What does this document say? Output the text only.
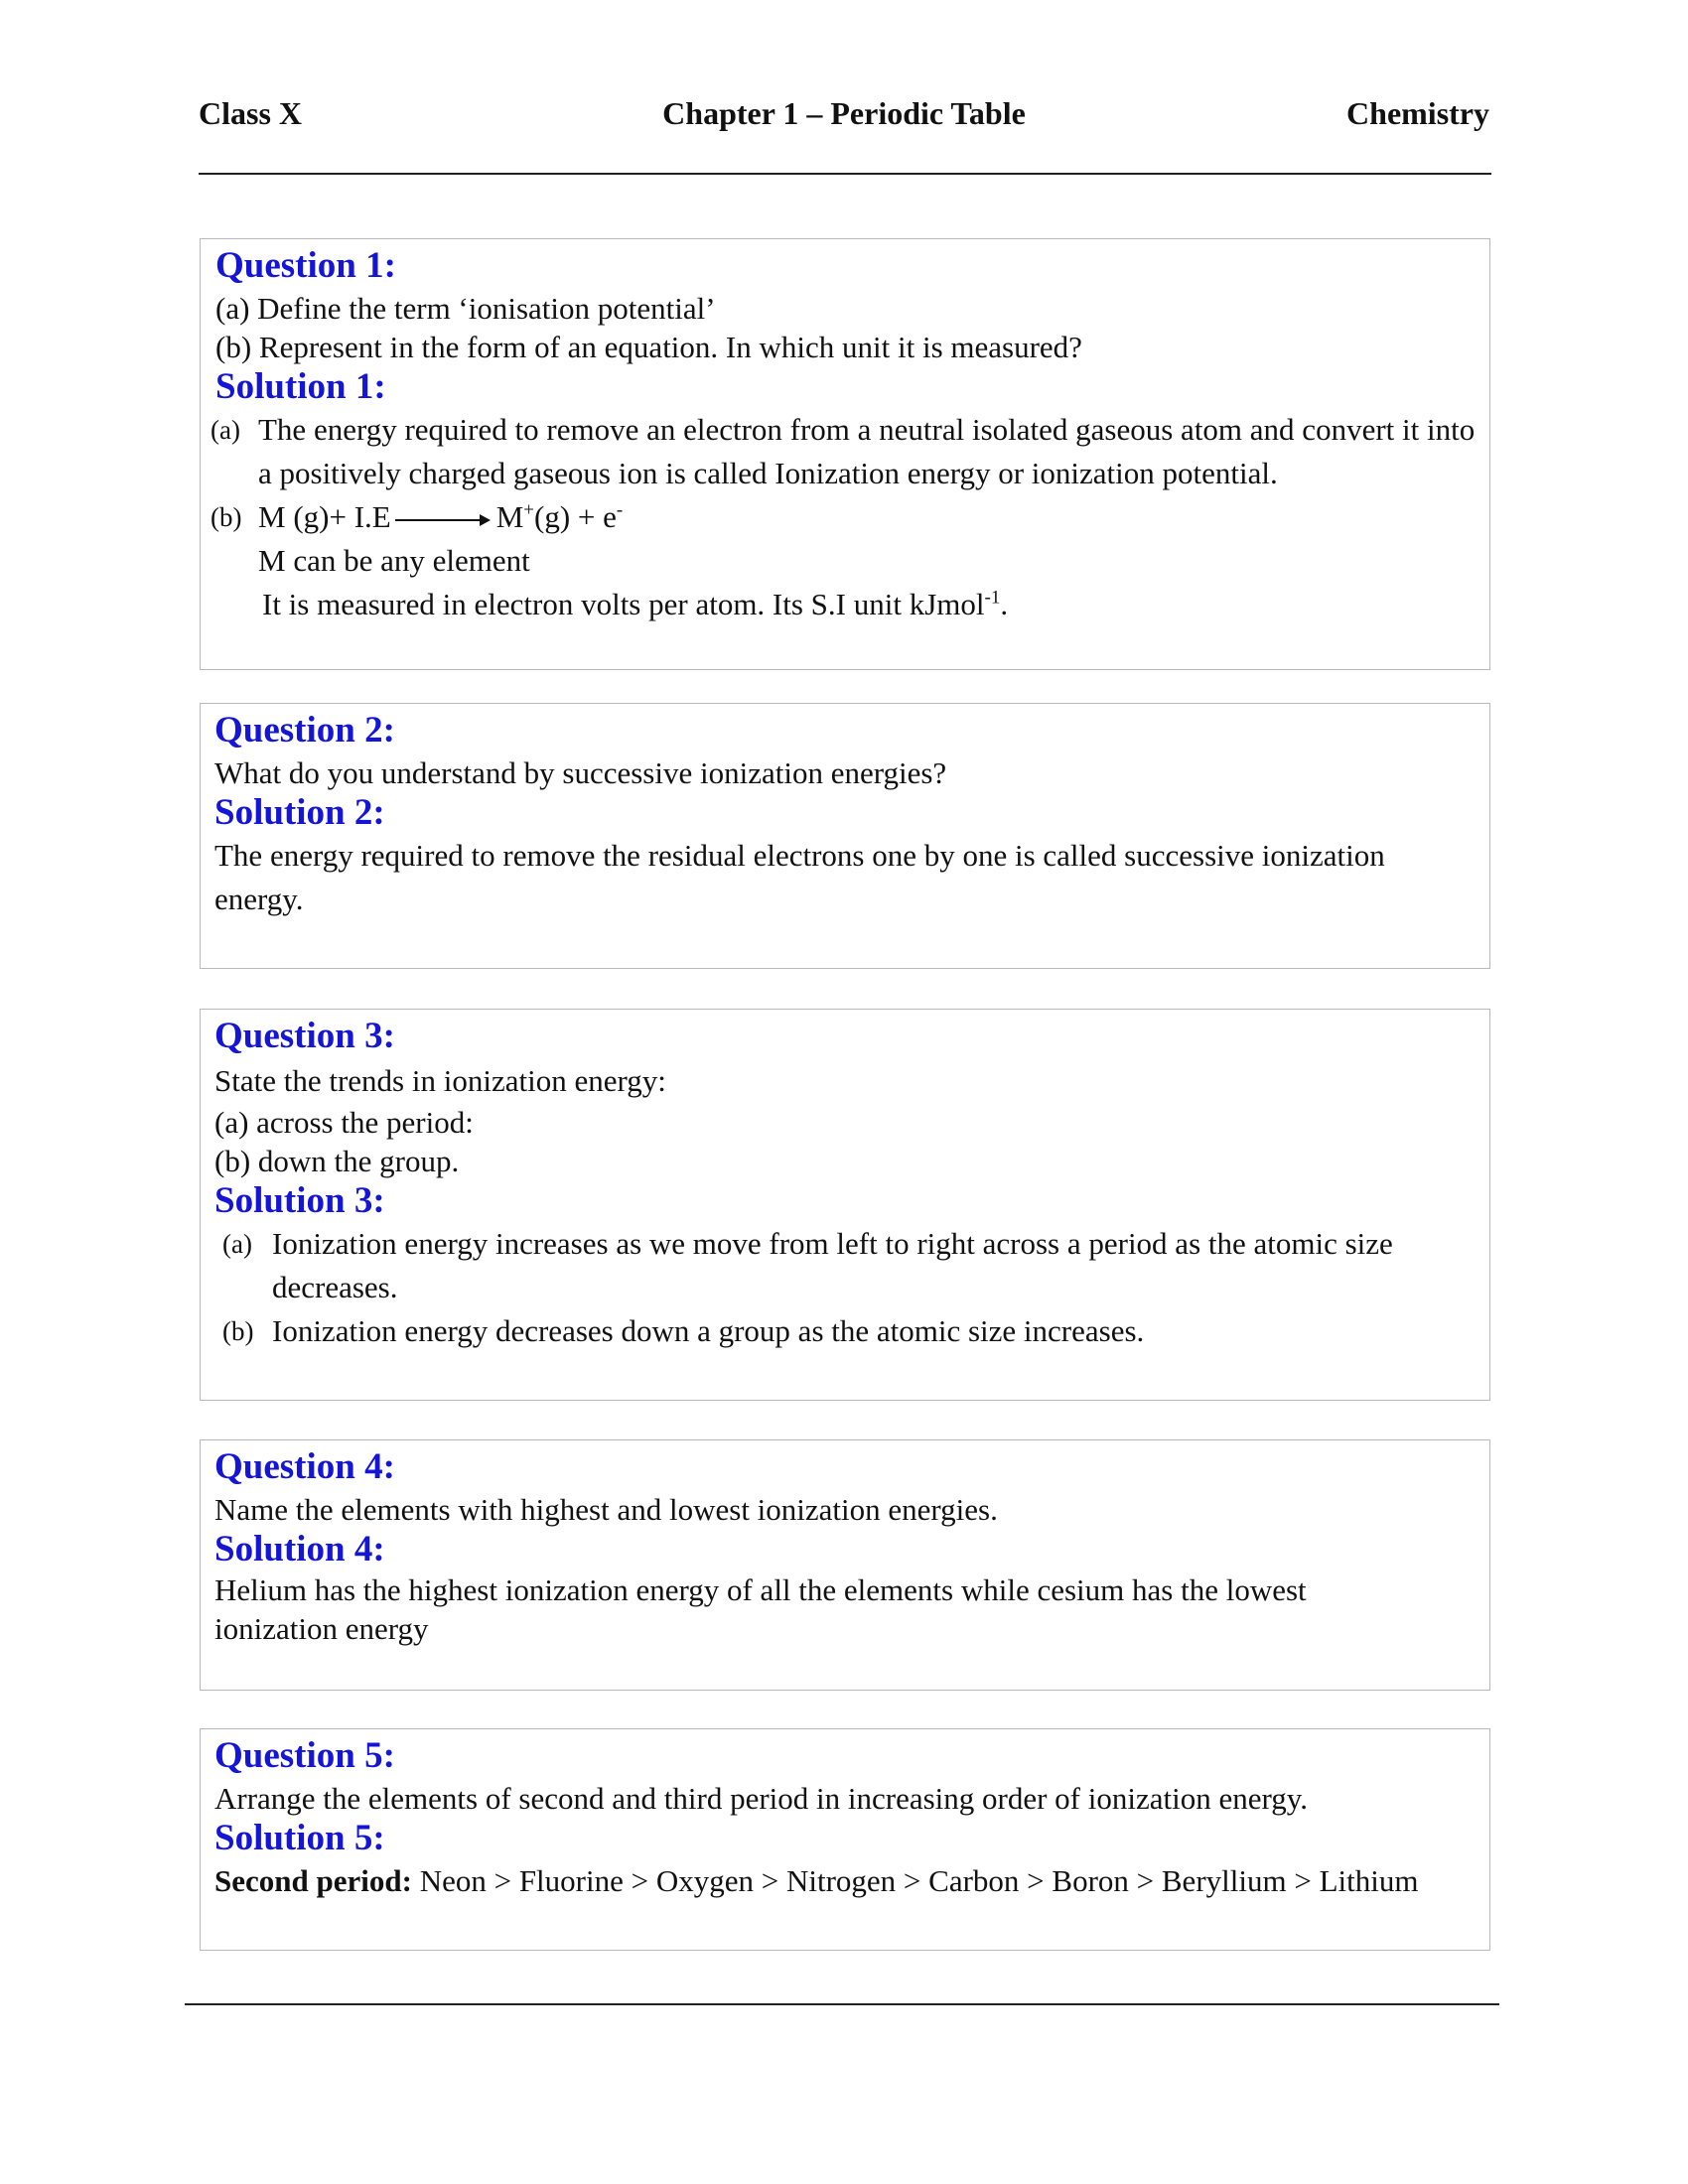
Class X	Chapter 1 – Periodic Table	Chemistry
Question 1:
(a) Define the term ‘ionisation potential’
(b) Represent in the form of an equation. In which unit it is measured?
Solution 1:
(a) The energy required to remove an electron from a neutral isolated gaseous atom and convert it into a positively charged gaseous ion is called Ionization energy or ionization potential.
(b) M (g)+ I.E	M+(g) + e-
M can be any element
It is measured in electron volts per atom. Its S.I unit kJmol$^{-1}$.
Question 2:
What do you understand by successive ionization energies?
Solution 2:
The energy required to remove the residual electrons one by one is called successive ionization energy.
Question 3:
State the trends in ionization energy:
(a) across the period:
(b) down the group.
Solution 3:
(a) Ionization energy increases as we move from left to right across a period as the atomic size decreases.
(b) Ionization energy decreases down a group as the atomic size increases.
Question 4:
Name the elements with highest and lowest ionization energies.
Solution 4:
Helium has the highest ionization energy of all the elements while cesium has the lowest
ionization energy
Question 5:
Arrange the elements of second and third period in increasing order of ionization energy.
Solution 5:
Second period: Neon > Fluorine > Oxygen > Nitrogen > Carbon > Boron > Beryllium > Lithium
